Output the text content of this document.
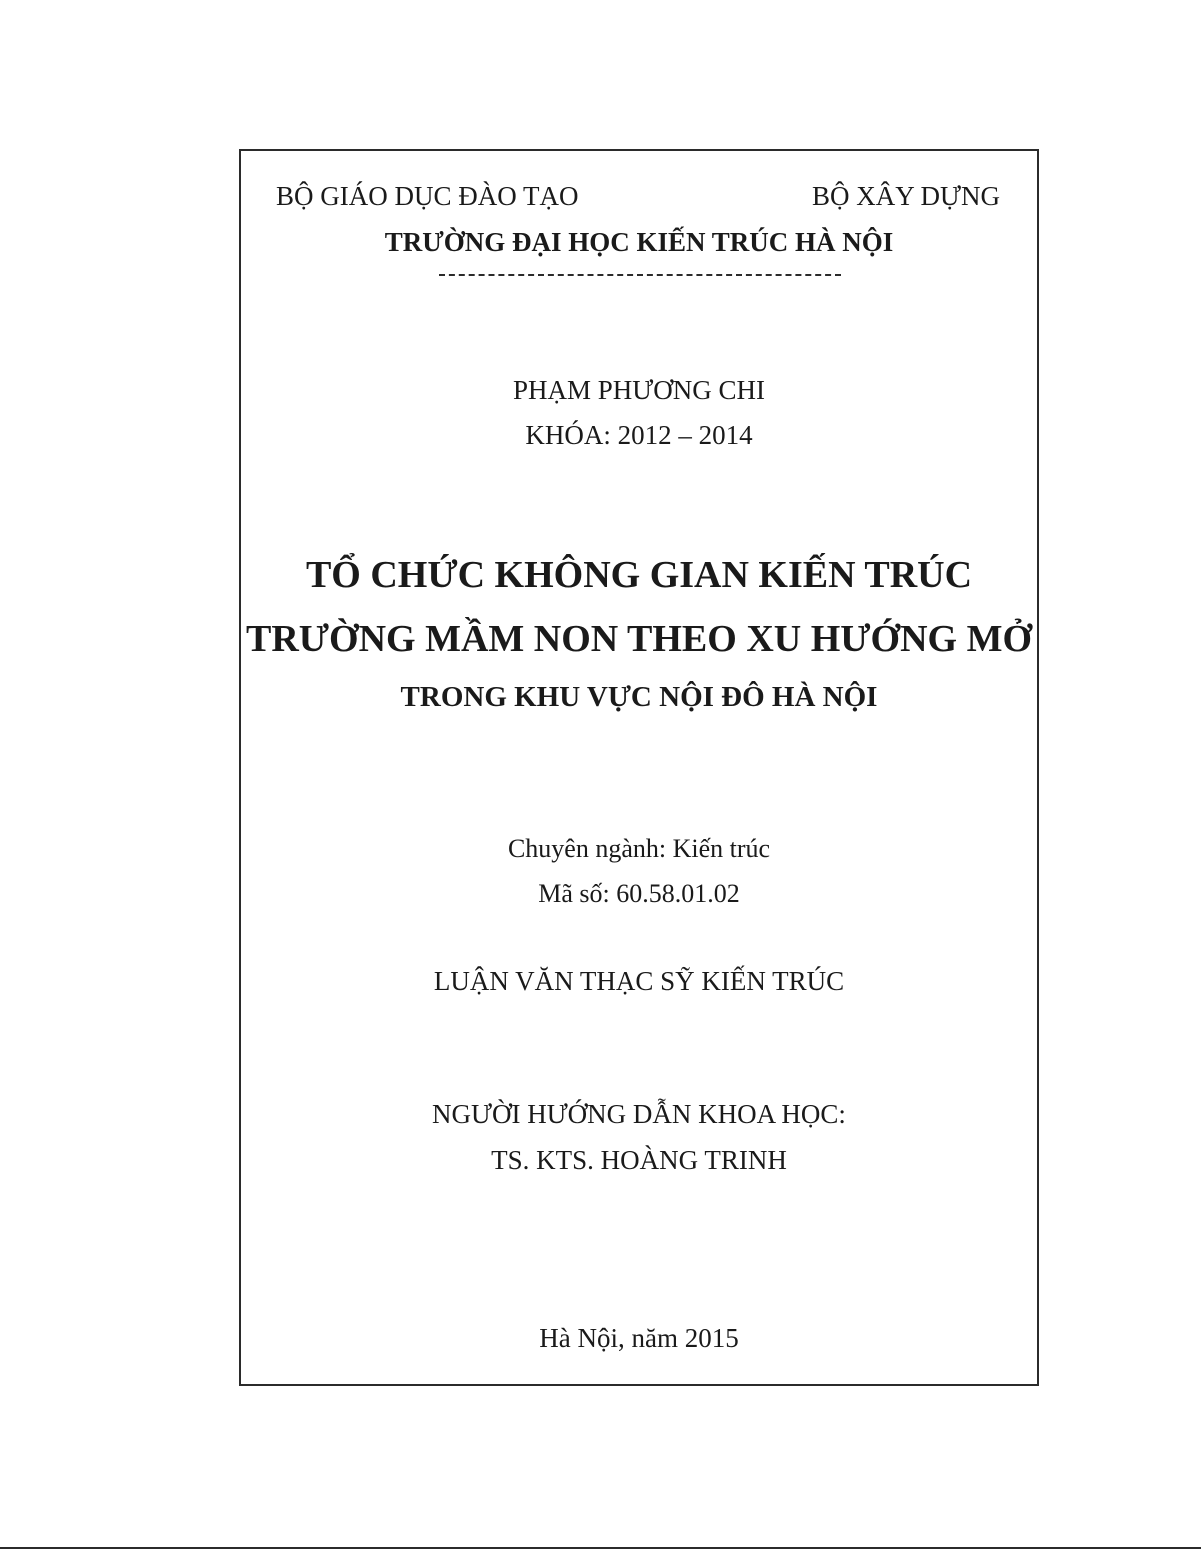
BỘ GIÁO DỤC ĐÀO TẠO	BỘ XÂY DỰNG
TRƯỜNG ĐẠI HỌC KIẾN TRÚC HÀ NỘI
PHẠM PHƯƠNG CHI
KHÓA: 2012 – 2014
TỔ CHỨC KHÔNG GIAN KIẾN TRÚC
TRƯỜNG MẦM NON THEO XU HƯỚNG MỞ
TRONG KHU VỰC NỘI ĐÔ HÀ NỘI
Chuyên ngành: Kiến trúc
Mã số: 60.58.01.02
LUẬN VĂN THẠC SỸ KIẾN TRÚC
NGƯỜI HƯỚNG DẪN KHOA HỌC:
TS. KTS. HOÀNG TRINH
Hà Nội, năm 2015
